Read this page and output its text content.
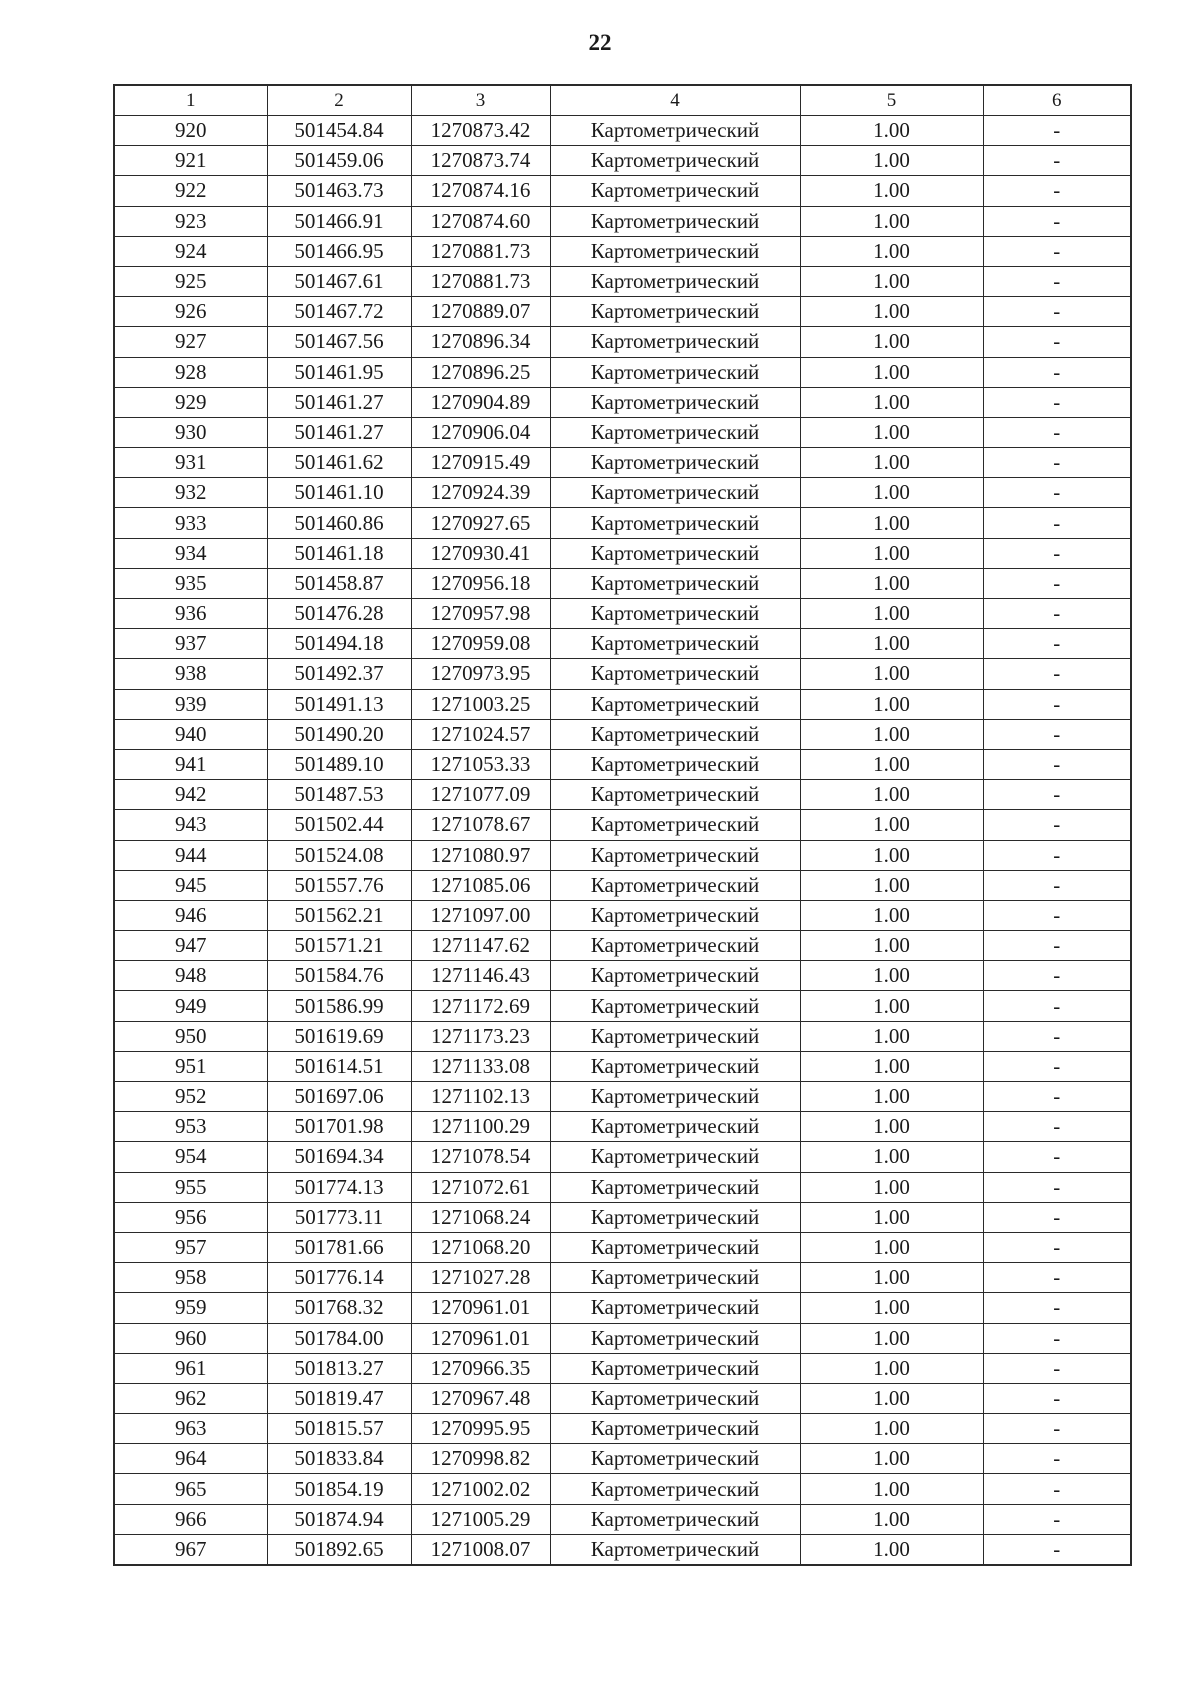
22
1	2	3	4	5	6
920	501454.84	1270873.42	Картометрический	1.00	-
921	501459.06	1270873.74	Картометрический	1.00	-
922	501463.73	1270874.16	Картометрический	1.00	-
923	501466.91	1270874.60	Картометрический	1.00	-
924	501466.95	1270881.73	Картометрический	1.00	-
925	501467.61	1270881.73	Картометрический	1.00	-
926	501467.72	1270889.07	Картометрический	1.00	-
927	501467.56	1270896.34	Картометрический	1.00	-
928	501461.95	1270896.25	Картометрический	1.00	-
929	501461.27	1270904.89	Картометрический	1.00	-
930	501461.27	1270906.04	Картометрический	1.00	-
931	501461.62	1270915.49	Картометрический	1.00	-
932	501461.10	1270924.39	Картометрический	1.00	-
933	501460.86	1270927.65	Картометрический	1.00	-
934	501461.18	1270930.41	Картометрический	1.00	-
935	501458.87	1270956.18	Картометрический	1.00	-
936	501476.28	1270957.98	Картометрический	1.00	-
937	501494.18	1270959.08	Картометрический	1.00	-
938	501492.37	1270973.95	Картометрический	1.00	-
939	501491.13	1271003.25	Картометрический	1.00	-
940	501490.20	1271024.57	Картометрический	1.00	-
941	501489.10	1271053.33	Картометрический	1.00	-
942	501487.53	1271077.09	Картометрический	1.00	-
943	501502.44	1271078.67	Картометрический	1.00	-
944	501524.08	1271080.97	Картометрический	1.00	-
945	501557.76	1271085.06	Картометрический	1.00	-
946	501562.21	1271097.00	Картометрический	1.00	-
947	501571.21	1271147.62	Картометрический	1.00	-
948	501584.76	1271146.43	Картометрический	1.00	-
949	501586.99	1271172.69	Картометрический	1.00	-
950	501619.69	1271173.23	Картометрический	1.00	-
951	501614.51	1271133.08	Картометрический	1.00	-
952	501697.06	1271102.13	Картометрический	1.00	-
953	501701.98	1271100.29	Картометрический	1.00	-
954	501694.34	1271078.54	Картометрический	1.00	-
955	501774.13	1271072.61	Картометрический	1.00	-
956	501773.11	1271068.24	Картометрический	1.00	-
957	501781.66	1271068.20	Картометрический	1.00	-
958	501776.14	1271027.28	Картометрический	1.00	-
959	501768.32	1270961.01	Картометрический	1.00	-
960	501784.00	1270961.01	Картометрический	1.00	-
961	501813.27	1270966.35	Картометрический	1.00	-
962	501819.47	1270967.48	Картометрический	1.00	-
963	501815.57	1270995.95	Картометрический	1.00	-
964	501833.84	1270998.82	Картометрический	1.00	-
965	501854.19	1271002.02	Картометрический	1.00	-
966	501874.94	1271005.29	Картометрический	1.00	-
967	501892.65	1271008.07	Картометрический	1.00	-
